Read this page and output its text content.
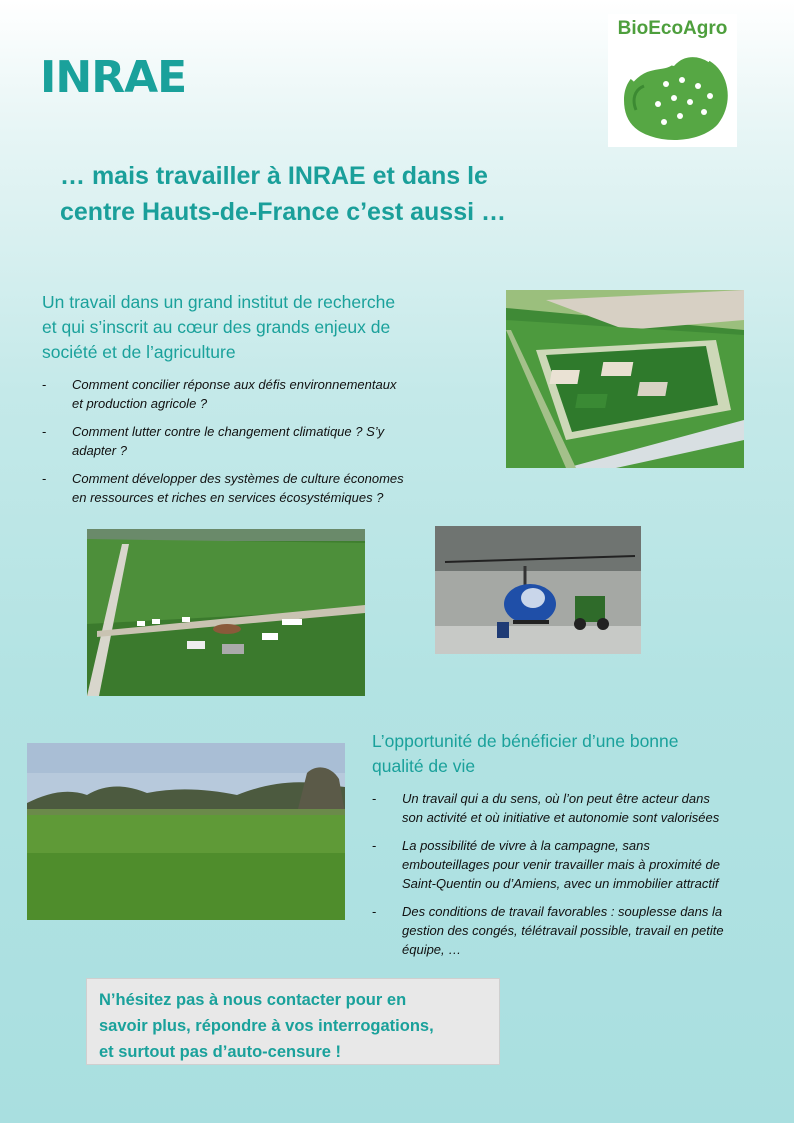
INRAE
BioEcoAgro
… mais travailler à INRAE et dans le
centre Hauts-de-France c’est aussi …
Un travail dans un grand institut de recherche
et qui s’inscrit au cœur des grands enjeux de
société et de l’agriculture
- Comment concilier réponse aux défis environnementaux
et production agricole ?
- Comment lutter contre le changement climatique ? S’y
adapter ?
- Comment développer des systèmes de culture économes
en ressources et riches en services écosystémiques ?
L’opportunité de bénéficier d’une bonne
qualité de vie
- Un travail qui a du sens, où l’on peut être acteur dans
son activité et où initiative et autonomie sont valorisées
- La possibilité de vivre à la campagne, sans
embouteillages pour venir travailler mais à proximité de
Saint-Quentin ou d’Amiens, avec un immobilier attractif
- Des conditions de travail favorables : souplesse dans la
gestion des congés, télétravail possible, travail en petite
équipe, …
N’hésitez pas à nous contacter pour en
savoir plus, répondre à vos interrogations,
et surtout pas d’auto-censure !
